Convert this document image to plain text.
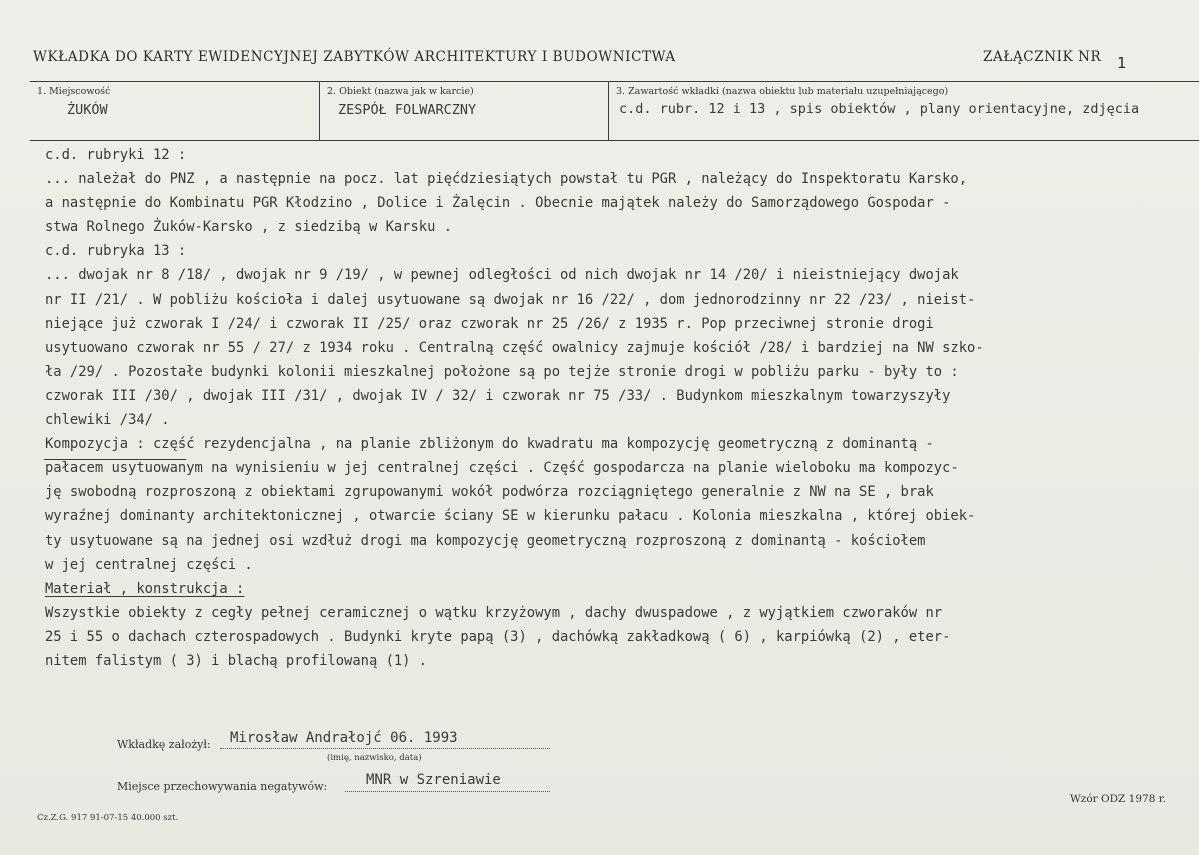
WKŁADKA DO KARTY EWIDENCYJNEJ ZABYTKÓW ARCHITEKTURY I BUDOWNICTWA	ZAŁĄCZNIK NR 1
1. Miejscowość
ŻUKÓW
2. Obiekt (nazwa jak w karcie)
ZESPÓŁ FOLWARCZNY
3. Zawartość wkładki (nazwa obiektu lub materiału uzupełniającego)
c.d. rubr. 12 i 13 , spis obiektów , plany orientacyjne, zdjęcia
c.d. rubryki 12 :
... należał do PNZ , a następnie na pocz. lat pięćdziesiątych powstał tu PGR , należący do Inspektoratu Karsko,
a następnie do Kombinatu PGR Kłodzino , Dolice i Żalęcin . Obecnie majątek należy do Samorządowego Gospodar -
stwa Rolnego Żuków-Karsko , z siedzibą w Karsku .
c.d. rubryka 13 :
... dwojak nr 8 /18/ , dwojak nr 9 /19/ , w pewnej odległości od nich dwojak nr 14 /20/ i nieistniejący dwojak
nr II /21/ . W pobliżu kościoła i dalej usytuowane są dwojak nr 16 /22/ , dom jednorodzinny nr 22 /23/ , nieist-
niejące już czworak I /24/ i czworak II /25/ oraz czworak nr 25 /26/ z 1935 r. Pop przeciwnej stronie drogi
usytuowano czworak nr 55 / 27/ z 1934 roku . Centralną część owalnicy zajmuje kościół /28/ i bardziej na NW szko-
ła /29/ . Pozostałe budynki kolonii mieszkalnej położone są po tejże stronie drogi w pobliżu parku - były to :
czworak III /30/ , dwojak III /31/ , dwojak IV / 32/ i czworak nr 75 /33/ . Budynkom mieszkalnym towarzyszyły
chlewiki /34/ .
Kompozycja : część rezydencjalna , na planie zbliżonym do kwadratu ma kompozycję geometryczną z dominantą -
pałacem usytuowanym na wynisieniu w jej centralnej części . Część gospodarcza na planie wieloboku ma kompozyc-
ję swobodną rozproszoną z obiektami zgrupowanymi wokół podwórza rozciągniętego generalnie z NW na SE , brak
wyraźnej dominanty architektonicznej , otwarcie ściany SE w kierunku pałacu . Kolonia mieszkalna , której obiek-
ty usytuowane są na jednej osi wzdłuż drogi ma kompozycję geometryczną rozproszoną z dominantą - kościołem
w jej centralnej części .
Materiał , konstrukcja :
Wszystkie obiekty z cegły pełnej ceramicznej o wątku krzyżowym , dachy dwuspadowe , z wyjątkiem czworaków nr
25 i 55 o dachach czterospadowych . Budynki kryte papą (3) , dachówką zakładkową ( 6) , karpiówką (2) , eter-
nitem falistym ( 3) i blachą profilowaną (1) .
Wkładkę założył: Mirosław Andrałojć 06. 1993
(imię, nazwisko, data)
Miejsce przechowywania negatywów:	MNR w Szreniawie
Cz.Z.G. 917 91-07-15 40.000 szt.
Wzór ODZ 1978 r.
